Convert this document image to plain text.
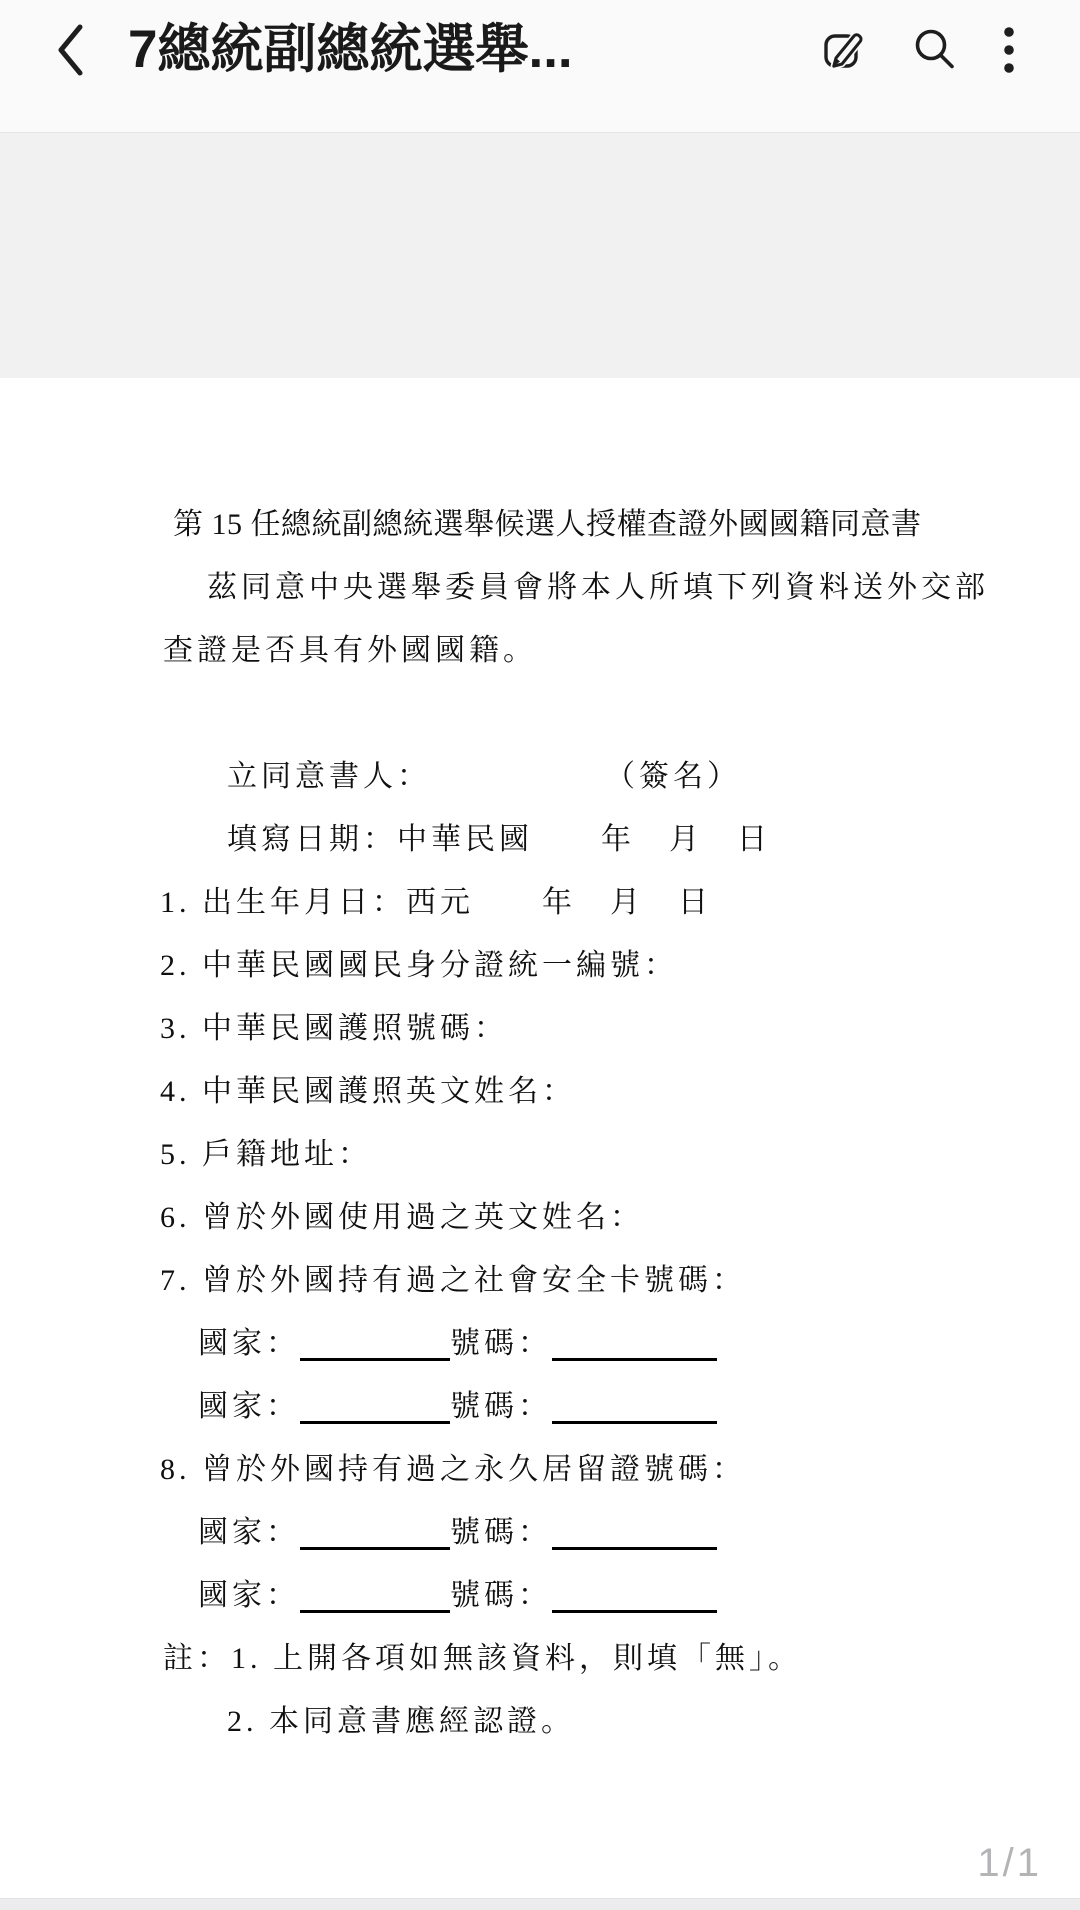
7總統副總統選舉...
第 15 任總統副總統選舉候選人授權查證外國國籍同意書
茲同意中央選舉委員會將本人所填下列資料送外交部
查證是否具有外國國籍。
立同意書人：　　　　　　（簽名）
填寫日期：中華民國　　年　月　日
1. 出生年月日：西元　　年　月　日
2. 中華民國國民身分證統一編號：
3. 中華民國護照號碼：
4. 中華民國護照英文姓名：
5. 戶籍地址：
6. 曾於外國使用過之英文姓名：
7. 曾於外國持有過之社會安全卡號碼：
國家：	號碼：
國家：	號碼：
8. 曾於外國持有過之永久居留證號碼：
國家：	號碼：
國家：	號碼：
註：1. 上開各項如無該資料，則填「無」。
2. 本同意書應經認證。
1/1
